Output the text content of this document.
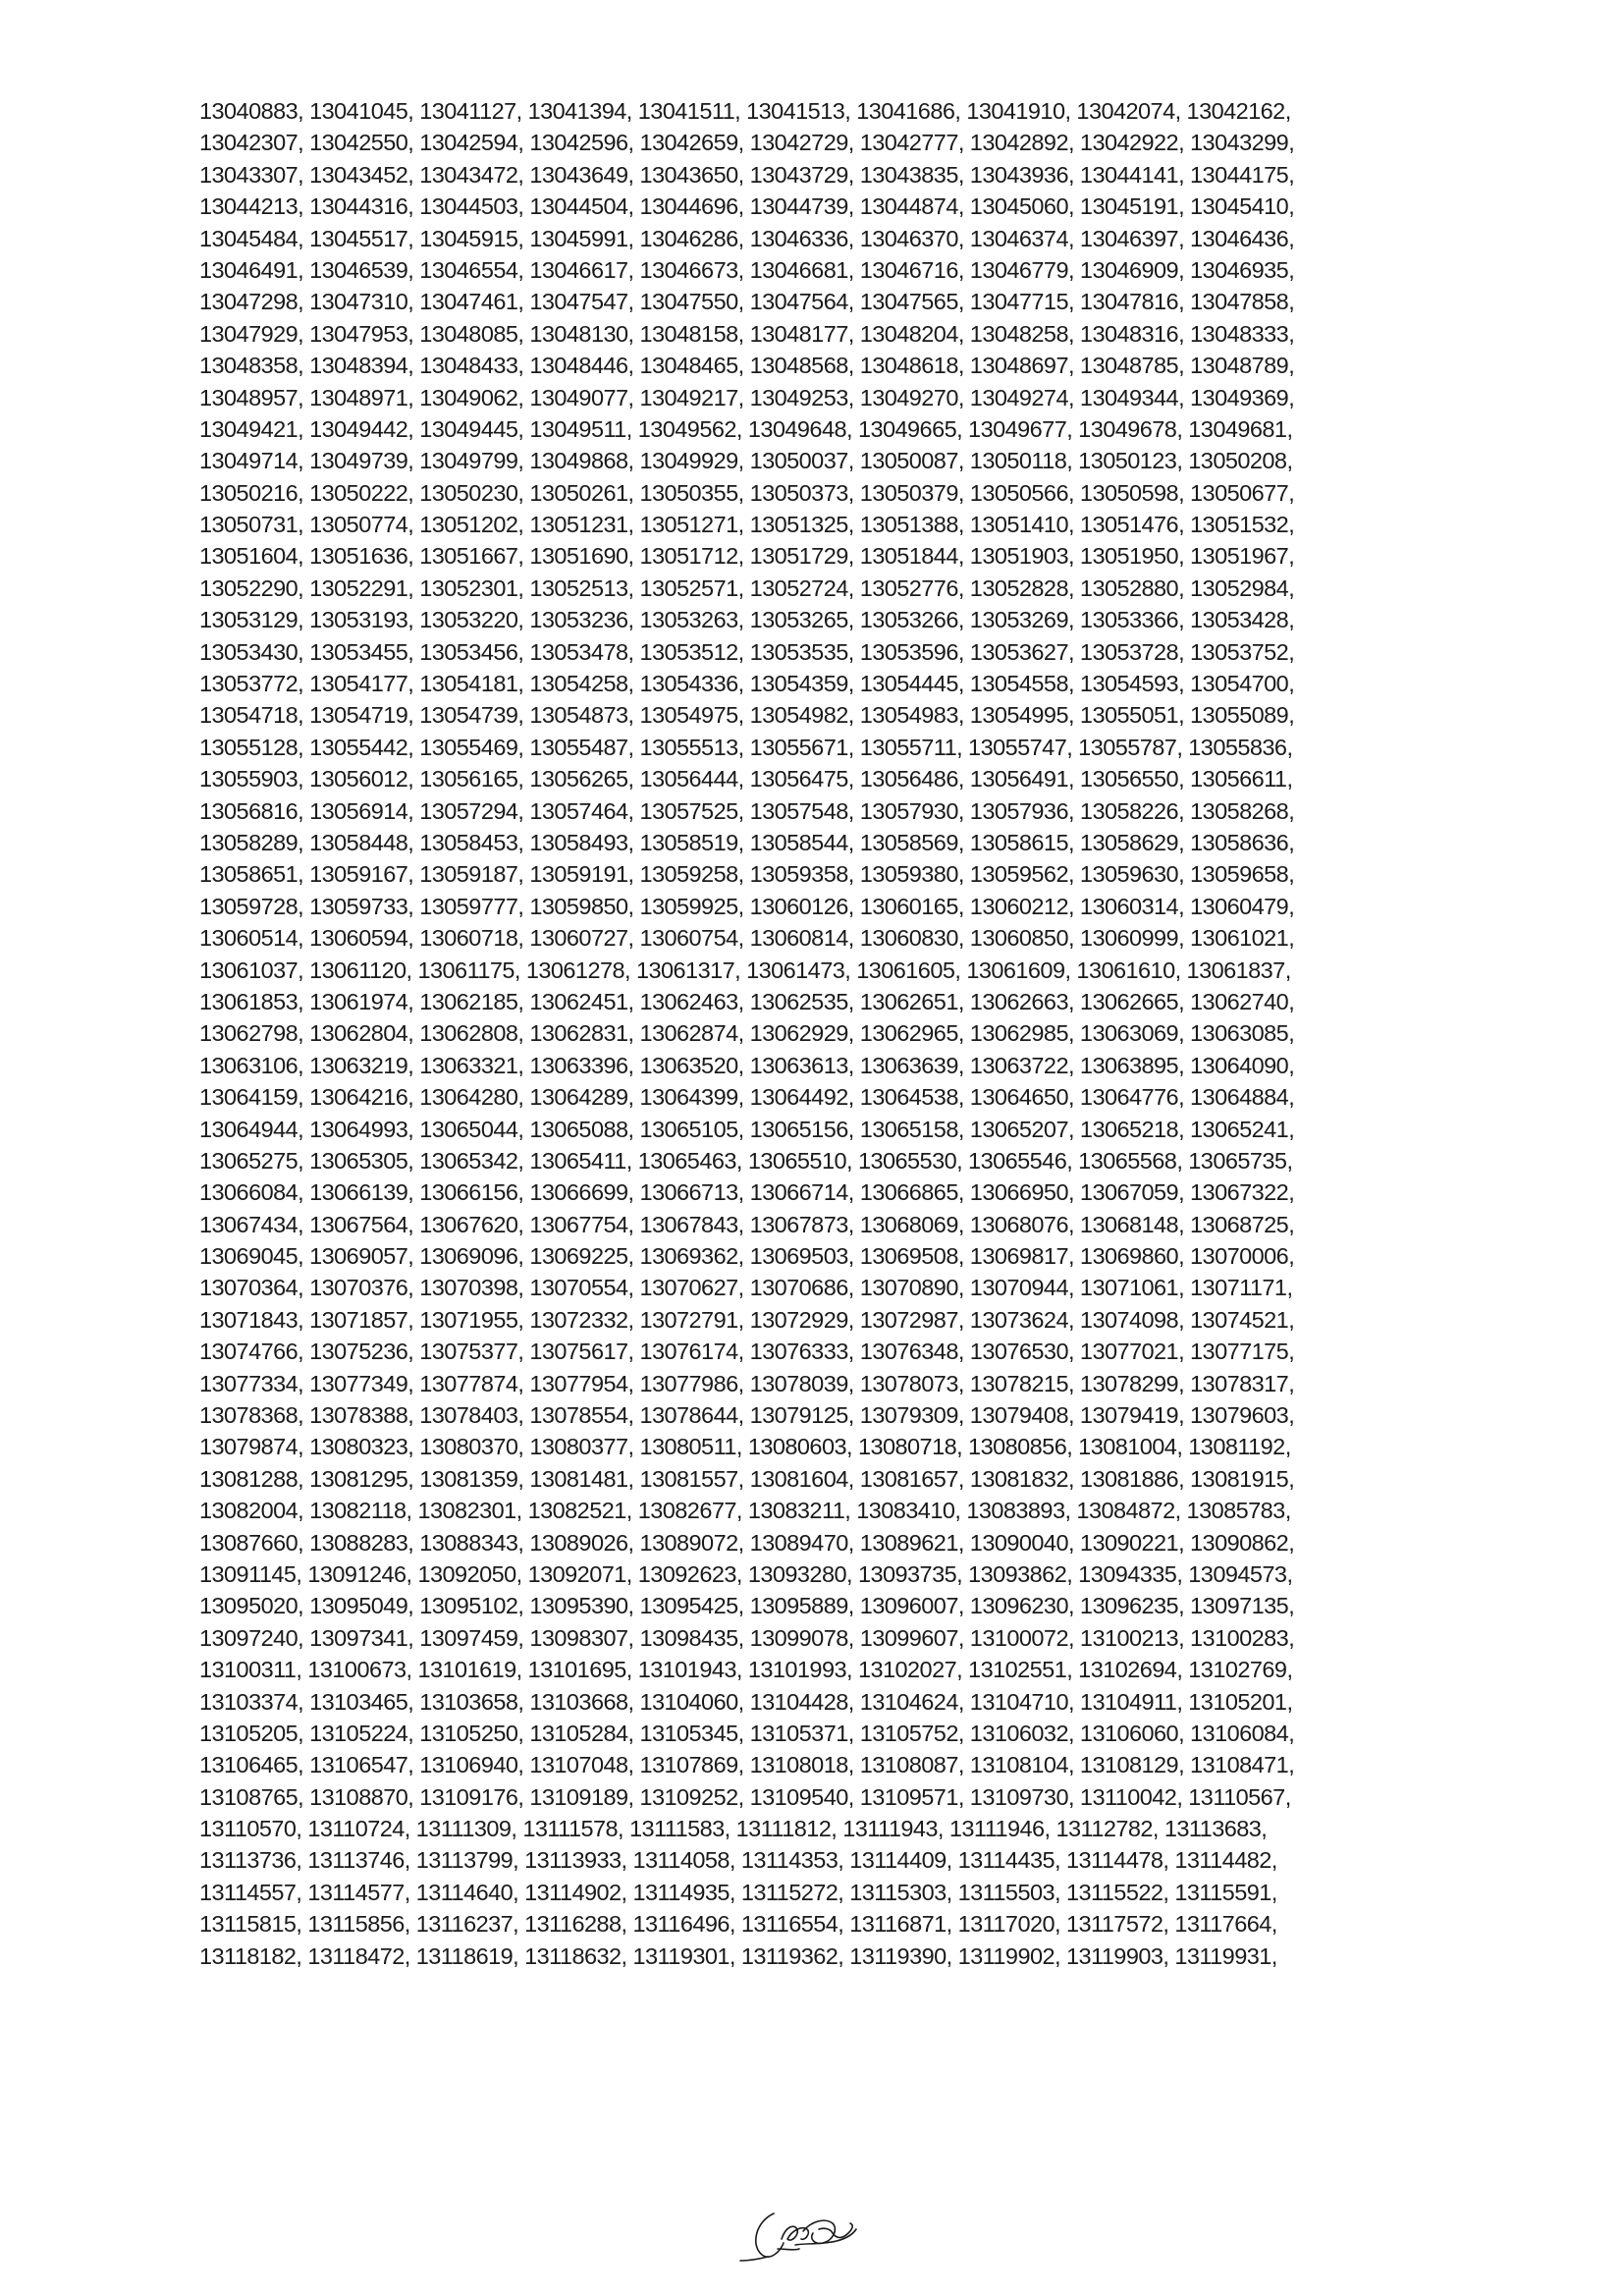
13040883, 13041045, 13041127, 13041394, 13041511, 13041513, 13041686, 13041910, 13042074, 13042162,
13042307, 13042550, 13042594, 13042596, 13042659, 13042729, 13042777, 13042892, 13042922, 13043299,
13043307, 13043452, 13043472, 13043649, 13043650, 13043729, 13043835, 13043936, 13044141, 13044175,
13044213, 13044316, 13044503, 13044504, 13044696, 13044739, 13044874, 13045060, 13045191, 13045410,
13045484, 13045517, 13045915, 13045991, 13046286, 13046336, 13046370, 13046374, 13046397, 13046436,
13046491, 13046539, 13046554, 13046617, 13046673, 13046681, 13046716, 13046779, 13046909, 13046935,
13047298, 13047310, 13047461, 13047547, 13047550, 13047564, 13047565, 13047715, 13047816, 13047858,
13047929, 13047953, 13048085, 13048130, 13048158, 13048177, 13048204, 13048258, 13048316, 13048333,
13048358, 13048394, 13048433, 13048446, 13048465, 13048568, 13048618, 13048697, 13048785, 13048789,
13048957, 13048971, 13049062, 13049077, 13049217, 13049253, 13049270, 13049274, 13049344, 13049369,
13049421, 13049442, 13049445, 13049511, 13049562, 13049648, 13049665, 13049677, 13049678, 13049681,
13049714, 13049739, 13049799, 13049868, 13049929, 13050037, 13050087, 13050118, 13050123, 13050208,
13050216, 13050222, 13050230, 13050261, 13050355, 13050373, 13050379, 13050566, 13050598, 13050677,
13050731, 13050774, 13051202, 13051231, 13051271, 13051325, 13051388, 13051410, 13051476, 13051532,
13051604, 13051636, 13051667, 13051690, 13051712, 13051729, 13051844, 13051903, 13051950, 13051967,
13052290, 13052291, 13052301, 13052513, 13052571, 13052724, 13052776, 13052828, 13052880, 13052984,
13053129, 13053193, 13053220, 13053236, 13053263, 13053265, 13053266, 13053269, 13053366, 13053428,
13053430, 13053455, 13053456, 13053478, 13053512, 13053535, 13053596, 13053627, 13053728, 13053752,
13053772, 13054177, 13054181, 13054258, 13054336, 13054359, 13054445, 13054558, 13054593, 13054700,
13054718, 13054719, 13054739, 13054873, 13054975, 13054982, 13054983, 13054995, 13055051, 13055089,
13055128, 13055442, 13055469, 13055487, 13055513, 13055671, 13055711, 13055747, 13055787, 13055836,
13055903, 13056012, 13056165, 13056265, 13056444, 13056475, 13056486, 13056491, 13056550, 13056611,
13056816, 13056914, 13057294, 13057464, 13057525, 13057548, 13057930, 13057936, 13058226, 13058268,
13058289, 13058448, 13058453, 13058493, 13058519, 13058544, 13058569, 13058615, 13058629, 13058636,
13058651, 13059167, 13059187, 13059191, 13059258, 13059358, 13059380, 13059562, 13059630, 13059658,
13059728, 13059733, 13059777, 13059850, 13059925, 13060126, 13060165, 13060212, 13060314, 13060479,
13060514, 13060594, 13060718, 13060727, 13060754, 13060814, 13060830, 13060850, 13060999, 13061021,
13061037, 13061120, 13061175, 13061278, 13061317, 13061473, 13061605, 13061609, 13061610, 13061837,
13061853, 13061974, 13062185, 13062451, 13062463, 13062535, 13062651, 13062663, 13062665, 13062740,
13062798, 13062804, 13062808, 13062831, 13062874, 13062929, 13062965, 13062985, 13063069, 13063085,
13063106, 13063219, 13063321, 13063396, 13063520, 13063613, 13063639, 13063722, 13063895, 13064090,
13064159, 13064216, 13064280, 13064289, 13064399, 13064492, 13064538, 13064650, 13064776, 13064884,
13064944, 13064993, 13065044, 13065088, 13065105, 13065156, 13065158, 13065207, 13065218, 13065241,
13065275, 13065305, 13065342, 13065411, 13065463, 13065510, 13065530, 13065546, 13065568, 13065735,
13066084, 13066139, 13066156, 13066699, 13066713, 13066714, 13066865, 13066950, 13067059, 13067322,
13067434, 13067564, 13067620, 13067754, 13067843, 13067873, 13068069, 13068076, 13068148, 13068725,
13069045, 13069057, 13069096, 13069225, 13069362, 13069503, 13069508, 13069817, 13069860, 13070006,
13070364, 13070376, 13070398, 13070554, 13070627, 13070686, 13070890, 13070944, 13071061, 13071171,
13071843, 13071857, 13071955, 13072332, 13072791, 13072929, 13072987, 13073624, 13074098, 13074521,
13074766, 13075236, 13075377, 13075617, 13076174, 13076333, 13076348, 13076530, 13077021, 13077175,
13077334, 13077349, 13077874, 13077954, 13077986, 13078039, 13078073, 13078215, 13078299, 13078317,
13078368, 13078388, 13078403, 13078554, 13078644, 13079125, 13079309, 13079408, 13079419, 13079603,
13079874, 13080323, 13080370, 13080377, 13080511, 13080603, 13080718, 13080856, 13081004, 13081192,
13081288, 13081295, 13081359, 13081481, 13081557, 13081604, 13081657, 13081832, 13081886, 13081915,
13082004, 13082118, 13082301, 13082521, 13082677, 13083211, 13083410, 13083893, 13084872, 13085783,
13087660, 13088283, 13088343, 13089026, 13089072, 13089470, 13089621, 13090040, 13090221, 13090862,
13091145, 13091246, 13092050, 13092071, 13092623, 13093280, 13093735, 13093862, 13094335, 13094573,
13095020, 13095049, 13095102, 13095390, 13095425, 13095889, 13096007, 13096230, 13096235, 13097135,
13097240, 13097341, 13097459, 13098307, 13098435, 13099078, 13099607, 13100072, 13100213, 13100283,
13100311, 13100673, 13101619, 13101695, 13101943, 13101993, 13102027, 13102551, 13102694, 13102769,
13103374, 13103465, 13103658, 13103668, 13104060, 13104428, 13104624, 13104710, 13104911, 13105201,
13105205, 13105224, 13105250, 13105284, 13105345, 13105371, 13105752, 13106032, 13106060, 13106084,
13106465, 13106547, 13106940, 13107048, 13107869, 13108018, 13108087, 13108104, 13108129, 13108471,
13108765, 13108870, 13109176, 13109189, 13109252, 13109540, 13109571, 13109730, 13110042, 13110567,
13110570, 13110724, 13111309, 13111578, 13111583, 13111812, 13111943, 13111946, 13112782, 13113683,
13113736, 13113746, 13113799, 13113933, 13114058, 13114353, 13114409, 13114435, 13114478, 13114482,
13114557, 13114577, 13114640, 13114902, 13114935, 13115272, 13115303, 13115503, 13115522, 13115591,
13115815, 13115856, 13116237, 13116288, 13116496, 13116554, 13116871, 13117020, 13117572, 13117664,
13118182, 13118472, 13118619, 13118632, 13119301, 13119362, 13119390, 13119902, 13119903, 13119931,
